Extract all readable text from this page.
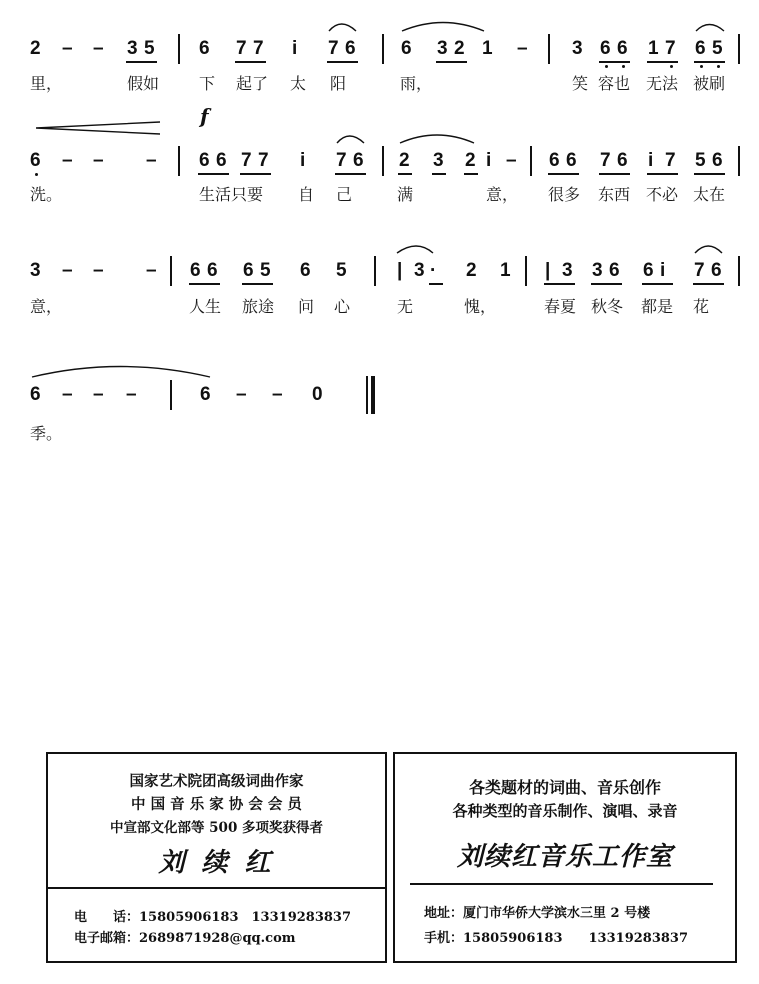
2 – – 3 5 6 7 7 i 7 6 6 3 2 1 – 3 6 6 1 7 6 5
里，	假如 下 起了 太 阳	雨，	笑 容也 无法 被刷
f
6 – – – 6 6 7 7 i 7 6 2 3 2 i – 6 6 7 6 i 7 5 6
洗。	生活只要 自 己	满	意， 很多 东西 不必 太在
3 – – – 6 6 6 5 6 5	| 3 · 2 1 | 3 3 6 6 i 7 6
意，	人生 旅途 问 心	无	愧，	春夏 秋冬 都是 花
6 – – –	6 – – 0
季。
国家艺术院团高级词曲作家
中 国 音 乐 家 协 会 会 员
中宣部文化部等 500 多项奖获得者
刘 续 红
电　　话：15805906183　13319283837
电子邮箱：2689871928@qq.com
各类题材的词曲、音乐创作
各种类型的音乐制作、演唱、录音
刘续红音乐工作室
地址：厦门市华侨大学滨水三里 2 号楼
手机：15805906183　　13319283837
